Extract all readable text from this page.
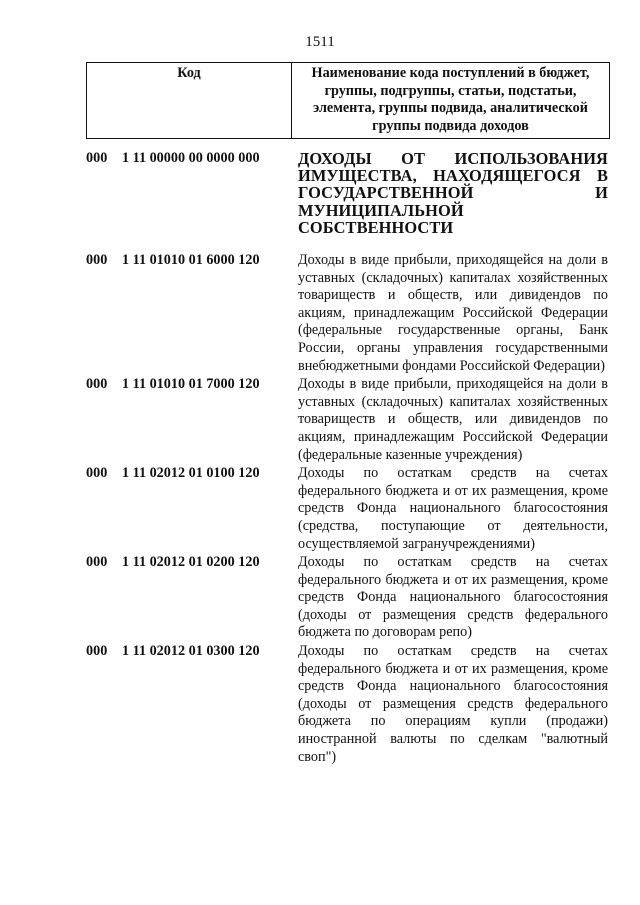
1511
Код	Наименование кода поступлений в бюджет, группы, подгруппы, статьи, подстатьи, элемента, группы подвида, аналитической группы подвида доходов
000	1 11 00000 00 0000 000	ДОХОДЫ ОТ ИСПОЛЬЗОВАНИЯ ИМУЩЕСТВА, НАХОДЯЩЕГОСЯ В ГОСУДАРСТВЕННОЙ И МУНИЦИПАЛЬНОЙ СОБСТВЕННОСТИ
000	1 11 01010 01 6000 120	Доходы в виде прибыли, приходящейся на доли в уставных (складочных) капиталах хозяйственных товариществ и обществ, или дивидендов по акциям, принадлежащим Российской Федерации (федеральные государственные органы, Банк России, органы управления государственными внебюджетными фондами Российской Федерации)
000	1 11 01010 01 7000 120	Доходы в виде прибыли, приходящейся на доли в уставных (складочных) капиталах хозяйственных товариществ и обществ, или дивидендов по акциям, принадлежащим Российской Федерации (федеральные казенные учреждения)
000	1 11 02012 01 0100 120	Доходы по остаткам средств на счетах федерального бюджета и от их размещения, кроме средств Фонда национального благосостояния (средства, поступающие от деятельности, осуществляемой загранучреждениями)
000	1 11 02012 01 0200 120	Доходы по остаткам средств на счетах федерального бюджета и от их размещения, кроме средств Фонда национального благосостояния (доходы от размещения средств федерального бюджета по договорам репо)
000	1 11 02012 01 0300 120	Доходы по остаткам средств на счетах федерального бюджета и от их размещения, кроме средств Фонда национального благосостояния (доходы от размещения средств федерального бюджета по операциям купли (продажи) иностранной валюты по сделкам "валютный своп")
